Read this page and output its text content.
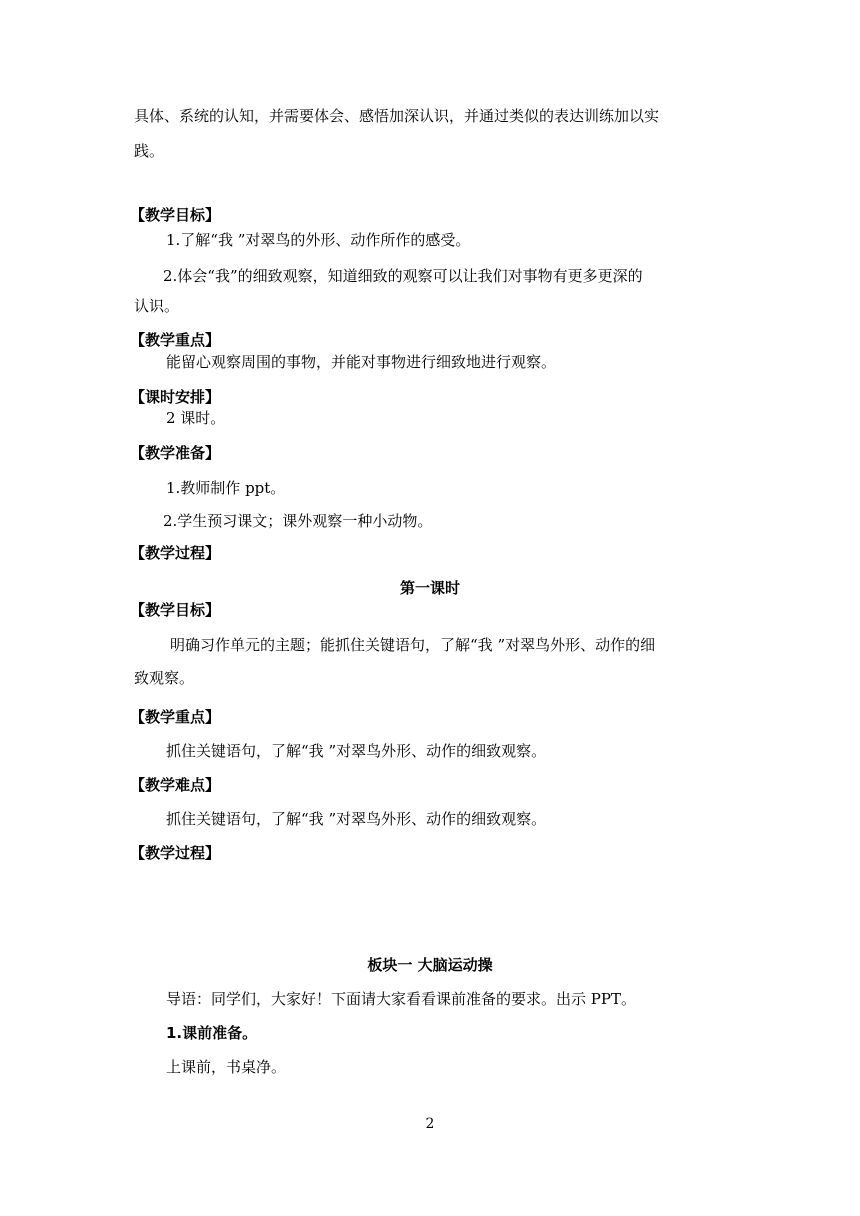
具体、系统的认知，并需要体会、感悟加深认识，并通过类似的表达训练加以实
践。
【教学目标】
1.了解“我 ”对翠鸟的外形、动作所作的感受。
2.体会“我”的细致观察，知道细致的观察可以让我们对事物有更多更深的
认识。
【教学重点】
能留心观察周围的事物，并能对事物进行细致地进行观察。
【课时安排】
2 课时。
【教学准备】
1.教师制作 ppt。
2.学生预习课文；课外观察一种小动物。
【教学过程】
第一课时
【教学目标】
明确习作单元的主题；能抓住关键语句，了解“我 ”对翠鸟外形、动作的细
致观察。
【教学重点】
抓住关键语句，了解“我 ”对翠鸟外形、动作的细致观察。
【教学难点】
抓住关键语句，了解“我 ”对翠鸟外形、动作的细致观察。
【教学过程】
板块一 大脑运动操
导语：同学们，大家好！下面请大家看看课前准备的要求。出示 PPT。
1.课前准备。
上课前，书桌净。
2
